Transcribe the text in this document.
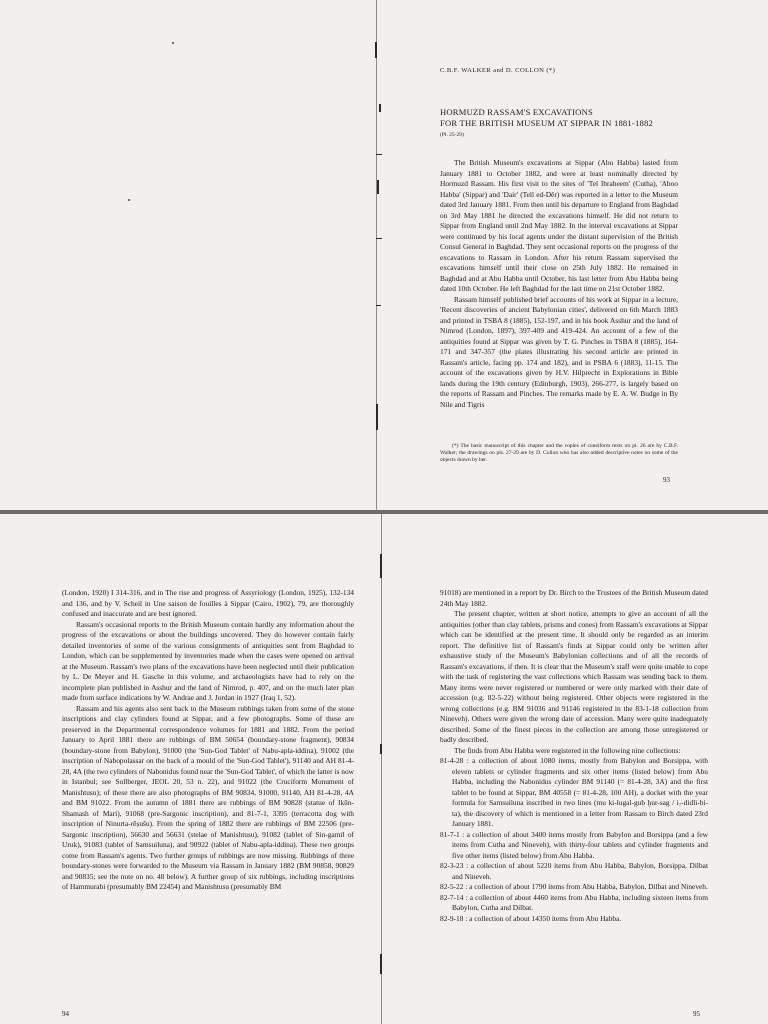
C.B.F. WALKER and D. COLLON (*)
HORMUZD RASSAM'S EXCAVATIONS
FOR THE BRITISH MUSEUM AT SIPPAR IN 1881-1882
(Pl. 25-29)

The British Museum's excavations at Sippar (Abu Habba) lasted from January 1881 to October 1882, and were at least nominally directed by Hormuzd Rassam. His first visit to the sites of 'Tel Ibraheem' (Cutha), 'Aboo Habba' (Sippar) and 'Dair' (Tell ed-Dêr) was reported in a letter to the Museum dated 3rd January 1881. From then until his departure to England from Baghdad on 3rd May 1881 he directed the excavations himself. He did not return to Sippar from England until 2nd May 1882. In the interval excavations at Sippar were continued by his local agents under the distant supervision of the British Consul General in Baghdad. They sent occasional reports on the progress of the excavations to Rassam in London. After his return Rassam supervised the excavations himself until their close on 25th July 1882. He remained in Baghdad and at Abu Habba until October, his last letter from Abu Habba being dated 10th October. He left Baghdad for the last time on 21st October 1882.

Rassam himself published brief accounts of his work at Sippar in a lecture, 'Recent discoveries of ancient Babylonian cities', delivered on 6th March 1883 and printed in TSBA 8 (1885), 152-197, and in his book Asshur and the land of Nimrod (London, 1897), 397-409 and 419-424. An account of a few of the antiquities found at Sippar was given by T. G. Pinches in TSBA 8 (1885), 164-171 and 347-357 (the plates illustrating his second article are printed in Rassam's article, facing pp. 174 and 182), and in PSBA 6 (1883), 11-15. The account of the excavations given by H.V. Hilprecht in Explorations in Bible lands during the 19th century (Edinburgh, 1903), 266-277, is largely based on the reports of Rassam and Pinches. The remarks made by E. A. W. Budge in By Nile and Tigris

(*) The basic manuscript of this chapter and the copies of cuneiform texts on pl. 26 are by C.B.F. Walker; the drawings on pls. 27-29 are by D. Collon who has also added descriptive notes on some of the objects drawn by her.
93

(London, 1920) I 314-316, and in The rise and progress of Assyriology (London, 1925), 132-134 and 136, and by V. Scheil in Une saison de fouilles à Sippar (Cairo, 1902), 79, are thoroughly confused and inaccurate and are best ignored.

Rassam's occasional reports to the British Museum contain hardly any information about the progress of the excavations or about the buildings uncovered. They do however contain fairly detailed inventories of some of the various consignments of antiquities sent from Baghdad to London, which can be supplemented by inventories made when the cases were opened on arrival at the Museum. Rassam's two plans of the excavations have been neglected until their publication by L. De Meyer and H. Gasche in this volume, and archaeologists have had to rely on the incomplete plan published in Asshur and the land of Nimrod, p. 407, and on the much later plan made from surface indications by W. Andrae and J. Jordan in 1927 (Iraq 1, 52).

Rassam and his agents also sent back to the Museum rubbings taken from some of the stone inscriptions and clay cylinders found at Sippar, and a few photographs. Some of these are preserved in the Departmental correspondence volumes for 1881 and 1882. From the period January to April 1881 there are rubbings of BM 50654 (boundary-stone fragment), 90834 (boundary-stone from Babylon), 91000 (the 'Sun-God Tablet' of Nabu-apla-iddina), 91002 (the inscription of Nabopolassar on the back of a mould of the 'Sun-God Tablet'), 91140 and AH 81-4-28, 4A (the two cylinders of Nabonidus found near the 'Sun-God Tablet', of which the latter is now in Istanbul; see Sollberger, JEOL 20, 53 n. 22), and 91022 (the Cruciform Monument of Manishtusu); of these there are also photographs of BM 90834, 91000, 91140, AH 81-4-28, 4A and BM 91022. From the autumn of 1881 there are rubbings of BM 90828 (statue of Ikūn-Shamash of Mari), 91068 (pre-Sargonic inscription), and 81-7-1, 3395 (terracotta dog with inscription of Ninurta-rēṣušu). From the spring of 1882 there are rubbings of BM 22506 (pre-Sargonic inscription), 56630 and 56631 (stelae of Manishtusu), 91082 (tablet of Sin-gamil of Uruk), 91083 (tablet of Samsuiluna), and 90922 (tablet of Nabu-apla-iddina). These two groups come from Rassam's agents. Two further groups of rubbings are now missing. Rubbings of three boundary-stones were forwarded to the Museum via Rassam in January 1882 (BM 90858, 90829 and 90835; see the note on no. 48 below). A further group of six rubbings, including inscriptions of Hammurabi (presumably BM 22454) and Manishtusu (presumably BM

94

91018) are mentioned in a report by Dr. Birch to the Trustees of the British Museum dated 24th May 1882.

The present chapter, written at short notice, attempts to give an account of all the antiquities (other than clay tablets, prisms and cones) from Rassam's excavations at Sippar which can be identified at the present time. It should only be regarded as an interim report. The definitive list of Rassam's finds at Sippar could only be written after exhaustive study of the Museum's Babylonian collections and of all the records of Rassam's excavations, if then. It is clear that the Museum's staff were quite unable to cope with the task of registering the vast collections which Rassam was sending back to them. Many items were never registered or numbered or were only marked with their date of accession (e.g. 82-5-22) without being registered. Other objects were registered in the wrong collections (e.g. BM 91036 and 91146 registered in the 83-1-18 collection from Nineveh). Others were given the wrong date of accession. Many were quite inadequately described. Some of the finest pieces in the collection are among those unregistered or badly described.

The finds from Abu Habba were registered in the following nine collections:

81-4-28 : a collection of about 1080 items, mostly from Babylon and Borsippa, with eleven tablets or cylinder fragments and six other items (listed below) from Abu Habba, including the Nabonidus cylinder BM 91140 (= 81-4-28, 3A) and the first tablet to be found at Sippar, BM 40558 (= 81-4-28, 100 AH), a docket with the year formula for Samsuiluna inscribed in two lines (mu ki-lugal-gub ḫur-sag / i₇-didli-bi-ta), the discovery of which is mentioned in a letter from Rassam to Birch dated 23rd January 1881.
81-7-1 : a collection of about 3400 items mostly from Babylon and Borsippa (and a few items from Cutha and Nineveh), with thirty-four tablets and cylinder fragments and five other items (listed below) from Abu Habba.
82-3-23 : a collection of about 5220 items from Abu Habba, Babylon, Borsippa, Dilbat and Nineveh.
82-5-22 : a collection of about 1790 items from Abu Habba, Babylon, Dilbat and Nineveh.
82-7-14 : a collection of about 4460 items from Abu Habba, including sixteen items from Babylon, Cutha and Dilbat.
82-9-18 : a collection of about 14350 items from Abu Habba.
95
